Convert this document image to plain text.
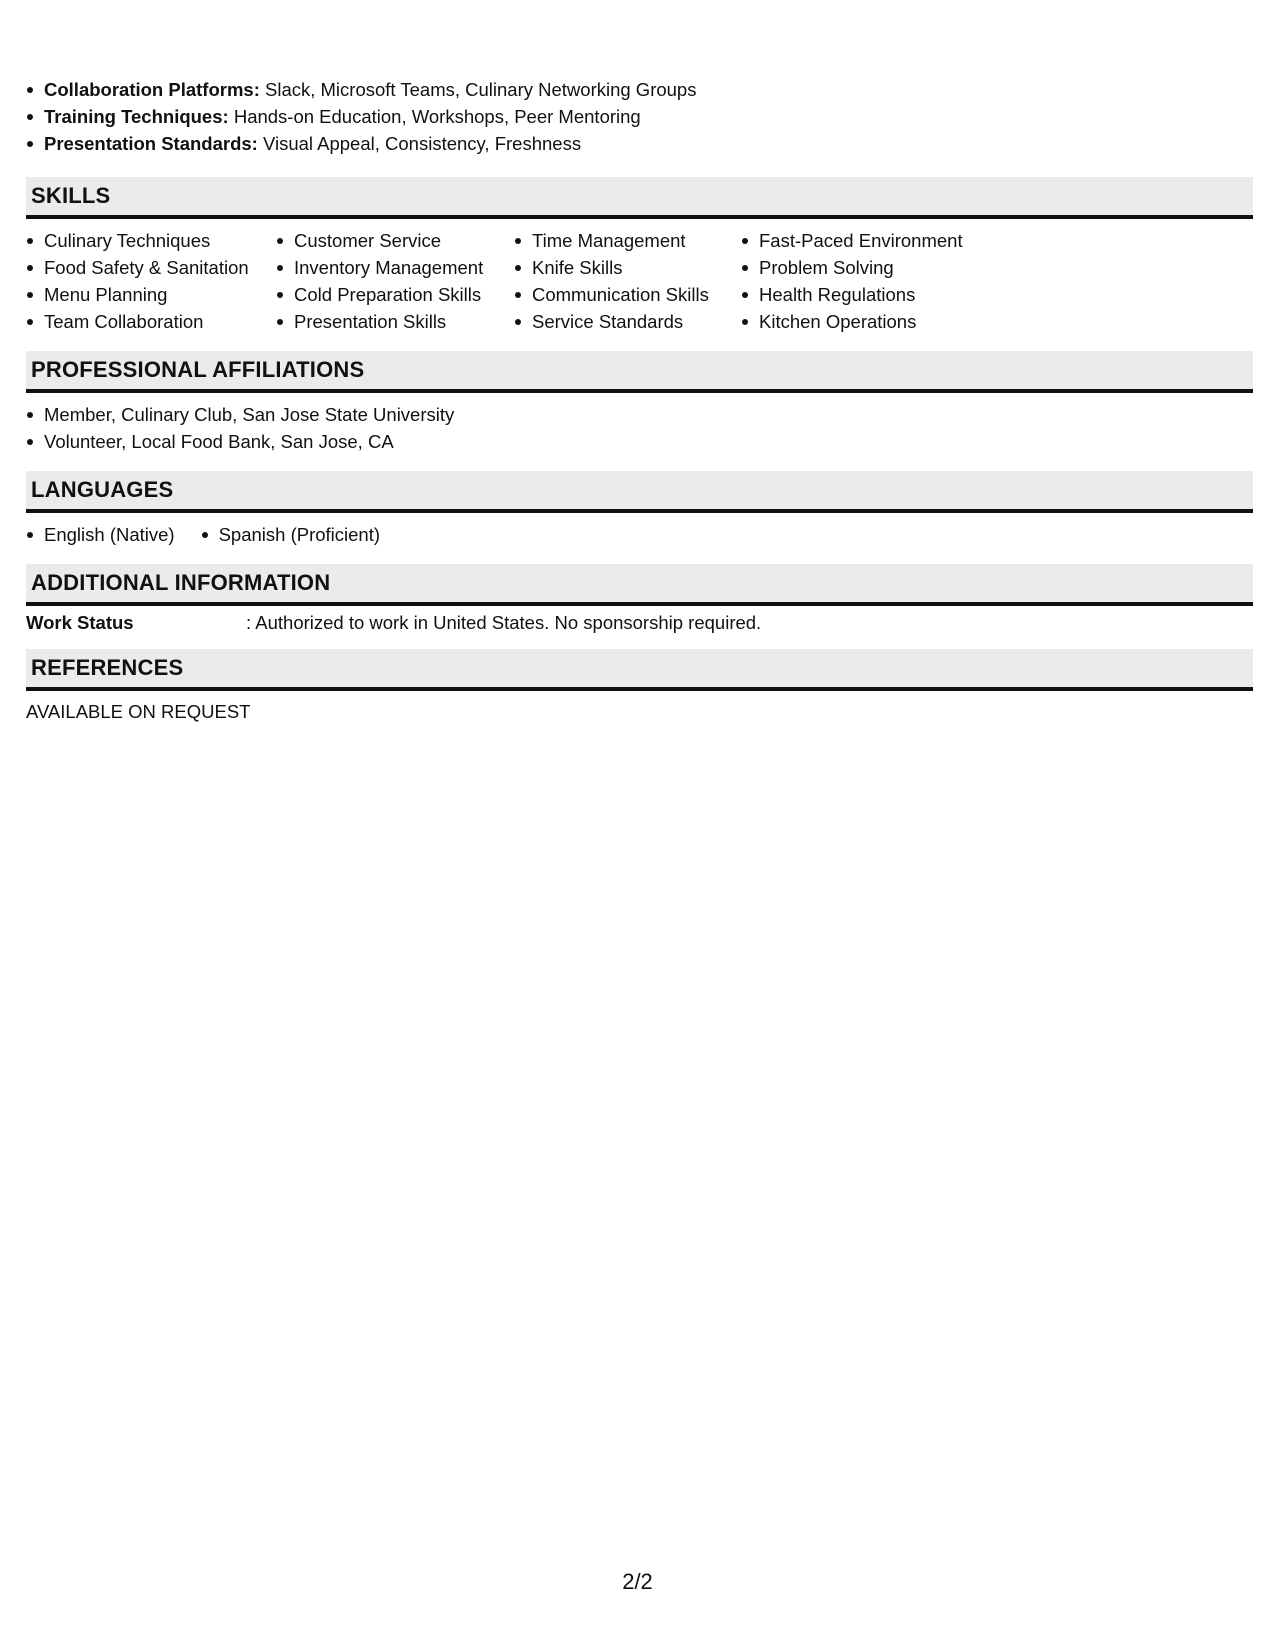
Collaboration Platforms: Slack, Microsoft Teams, Culinary Networking Groups
Training Techniques: Hands-on Education, Workshops, Peer Mentoring
Presentation Standards: Visual Appeal, Consistency, Freshness
SKILLS
Culinary Techniques
Food Safety & Sanitation
Menu Planning
Team Collaboration
Customer Service
Inventory Management
Cold Preparation Skills
Presentation Skills
Time Management
Knife Skills
Communication Skills
Service Standards
Fast-Paced Environment
Problem Solving
Health Regulations
Kitchen Operations
PROFESSIONAL AFFILIATIONS
Member, Culinary Club, San Jose State University
Volunteer, Local Food Bank, San Jose, CA
LANGUAGES
English (Native)	Spanish (Proficient)
ADDITIONAL INFORMATION
Work Status	: Authorized to work in United States. No sponsorship required.
REFERENCES
AVAILABLE ON REQUEST
2/2
